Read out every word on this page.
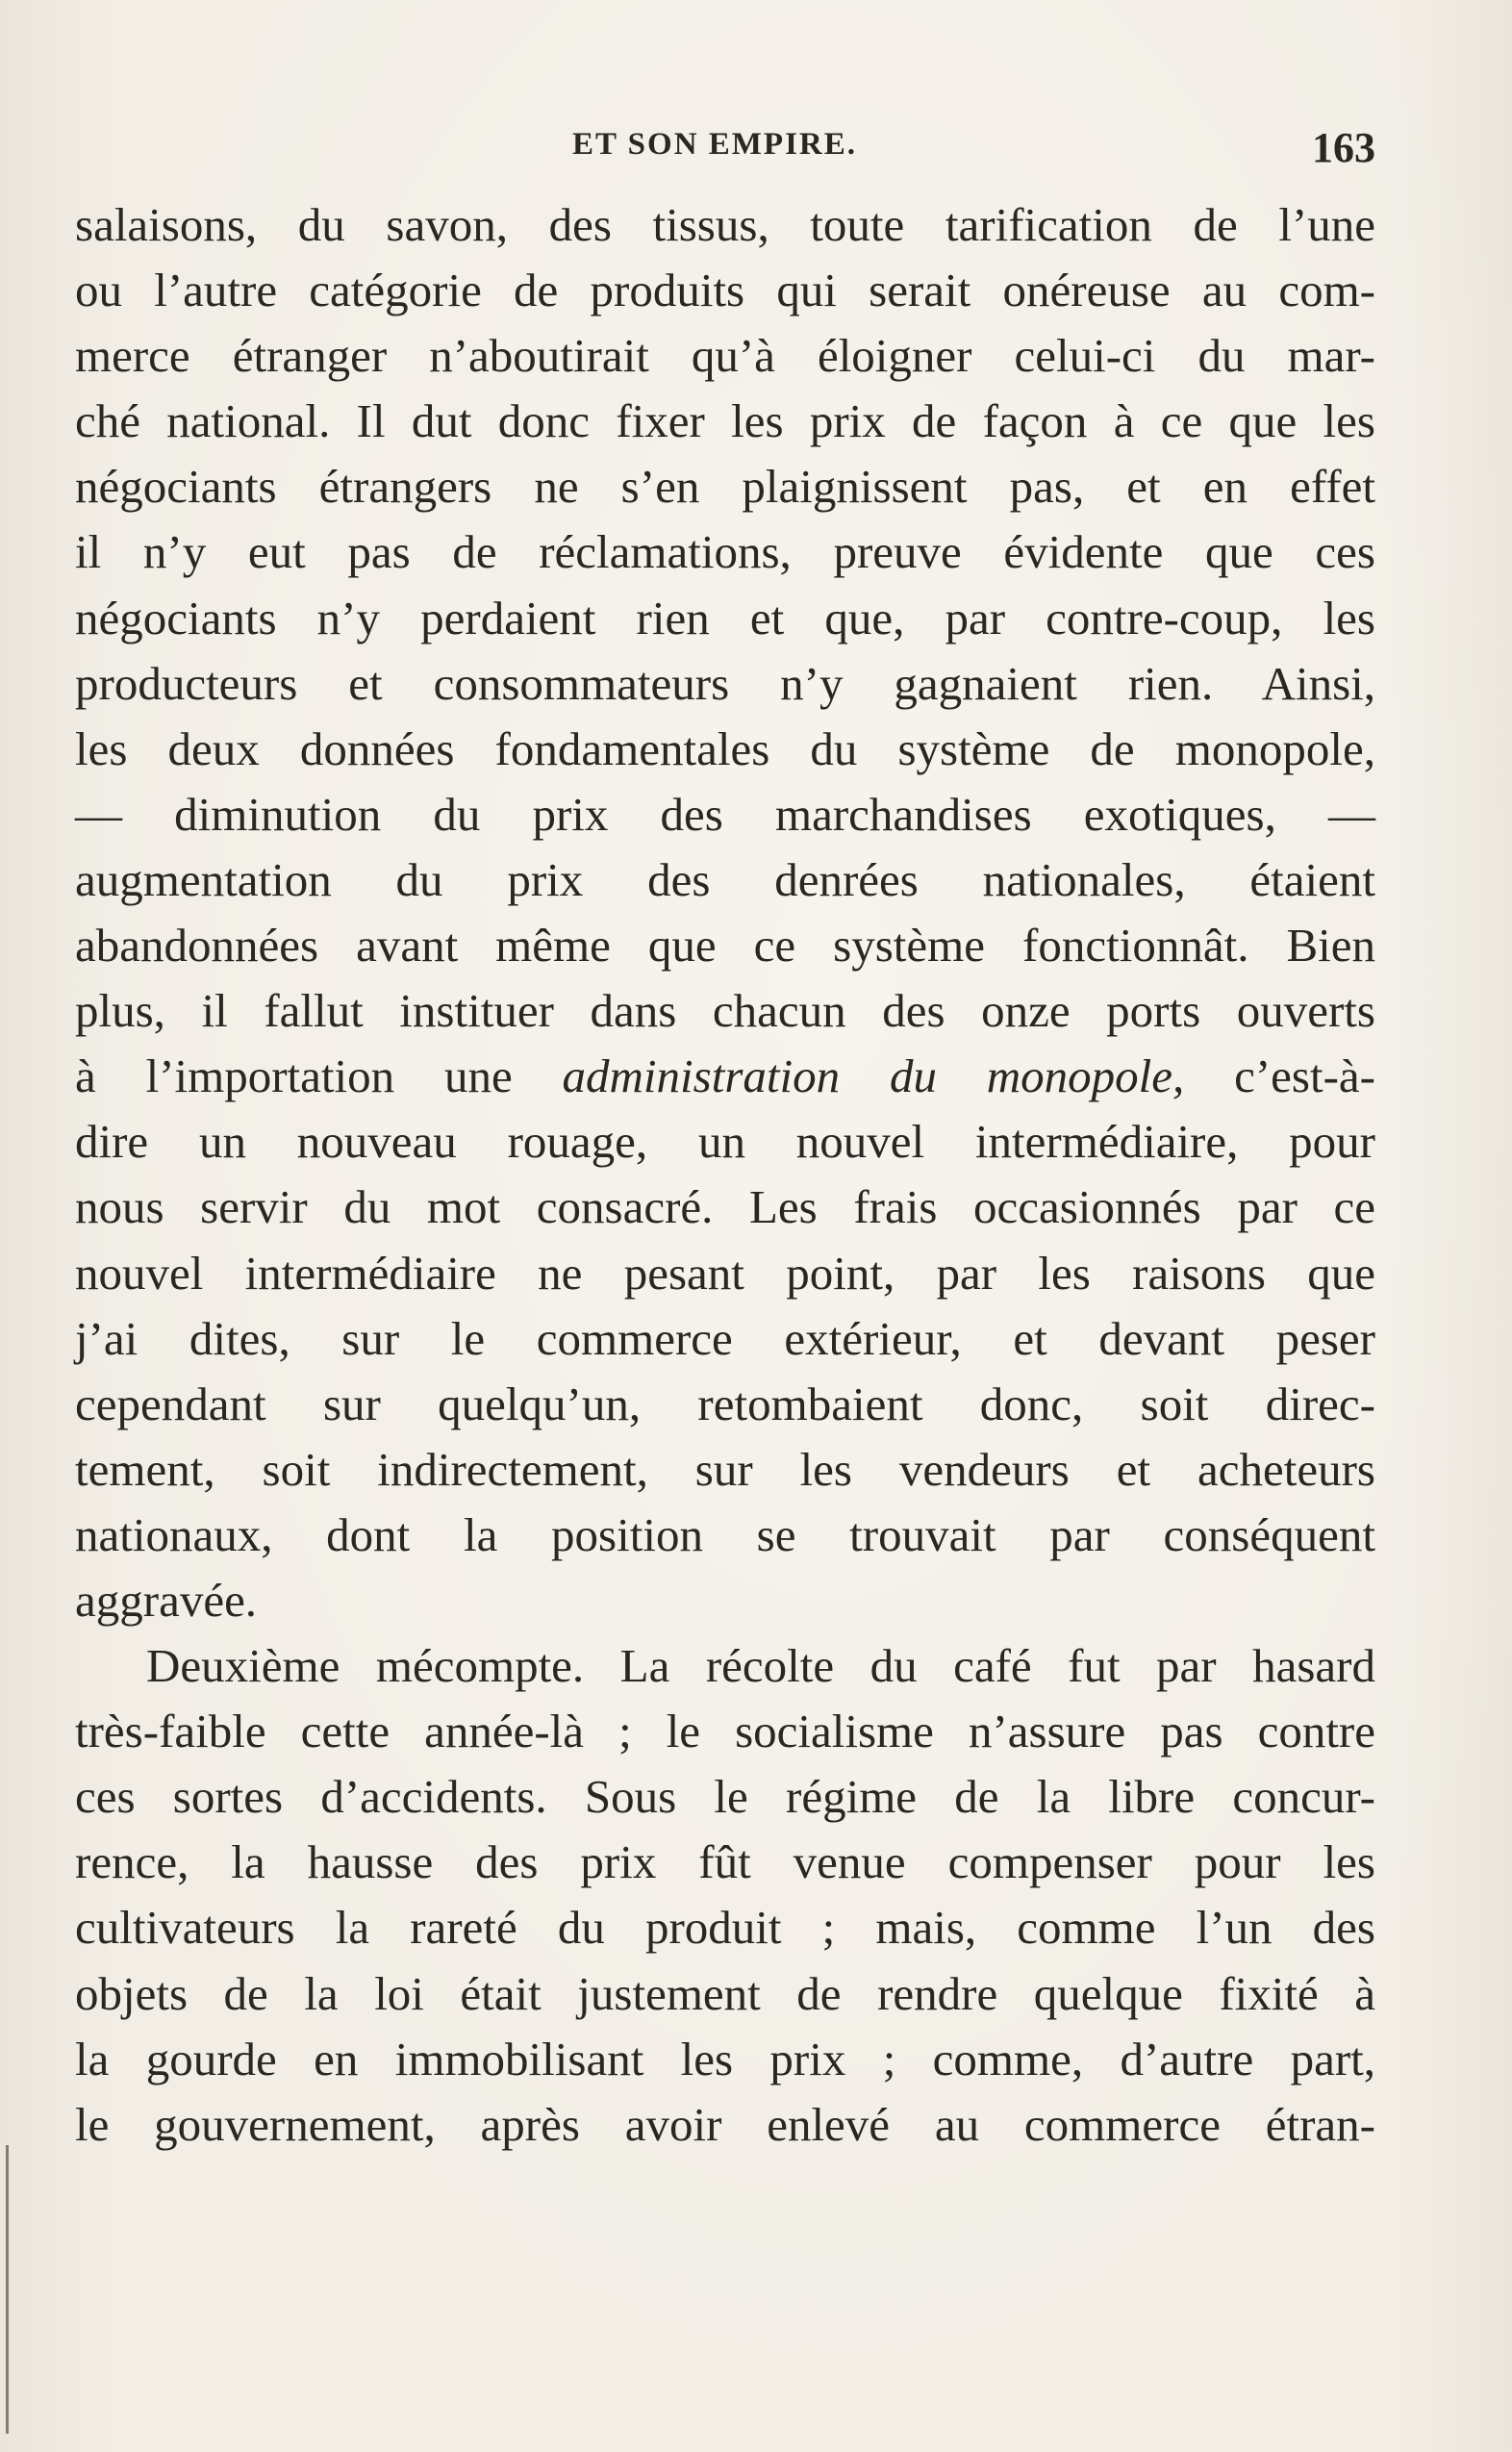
ET SON EMPIRE.	163
salaisons, du savon, des tissus, toute tarification de l’une
ou l’autre catégorie de produits qui serait onéreuse au com-
merce étranger n’aboutirait qu’à éloigner celui-ci du mar-
ché national. Il dut donc fixer les prix de façon à ce que les
négociants étrangers ne s’en plaignissent pas, et en effet
il n’y eut pas de réclamations, preuve évidente que ces
négociants n’y perdaient rien et que, par contre-coup, les
producteurs et consommateurs n’y gagnaient rien. Ainsi,
les deux données fondamentales du système de monopole,
— diminution du prix des marchandises exotiques, —
augmentation du prix des denrées nationales, étaient
abandonnées avant même que ce système fonctionnât. Bien
plus, il fallut instituer dans chacun des onze ports ouverts
à l’importation une administration du monopole, c’est-à-
dire un nouveau rouage, un nouvel intermédiaire, pour
nous servir du mot consacré. Les frais occasionnés par ce
nouvel intermédiaire ne pesant point, par les raisons que
j’ai dites, sur le commerce extérieur, et devant peser
cependant sur quelqu’un, retombaient donc, soit direc-
tement, soit indirectement, sur les vendeurs et acheteurs
nationaux, dont la position se trouvait par conséquent
aggravée.
Deuxième mécompte. La récolte du café fut par hasard
très-faible cette année-là ; le socialisme n’assure pas contre
ces sortes d’accidents. Sous le régime de la libre concur-
rence, la hausse des prix fût venue compenser pour les
cultivateurs la rareté du produit ; mais, comme l’un des
objets de la loi était justement de rendre quelque fixité à
la gourde en immobilisant les prix ; comme, d’autre part,
le gouvernement, après avoir enlevé au commerce étran-
